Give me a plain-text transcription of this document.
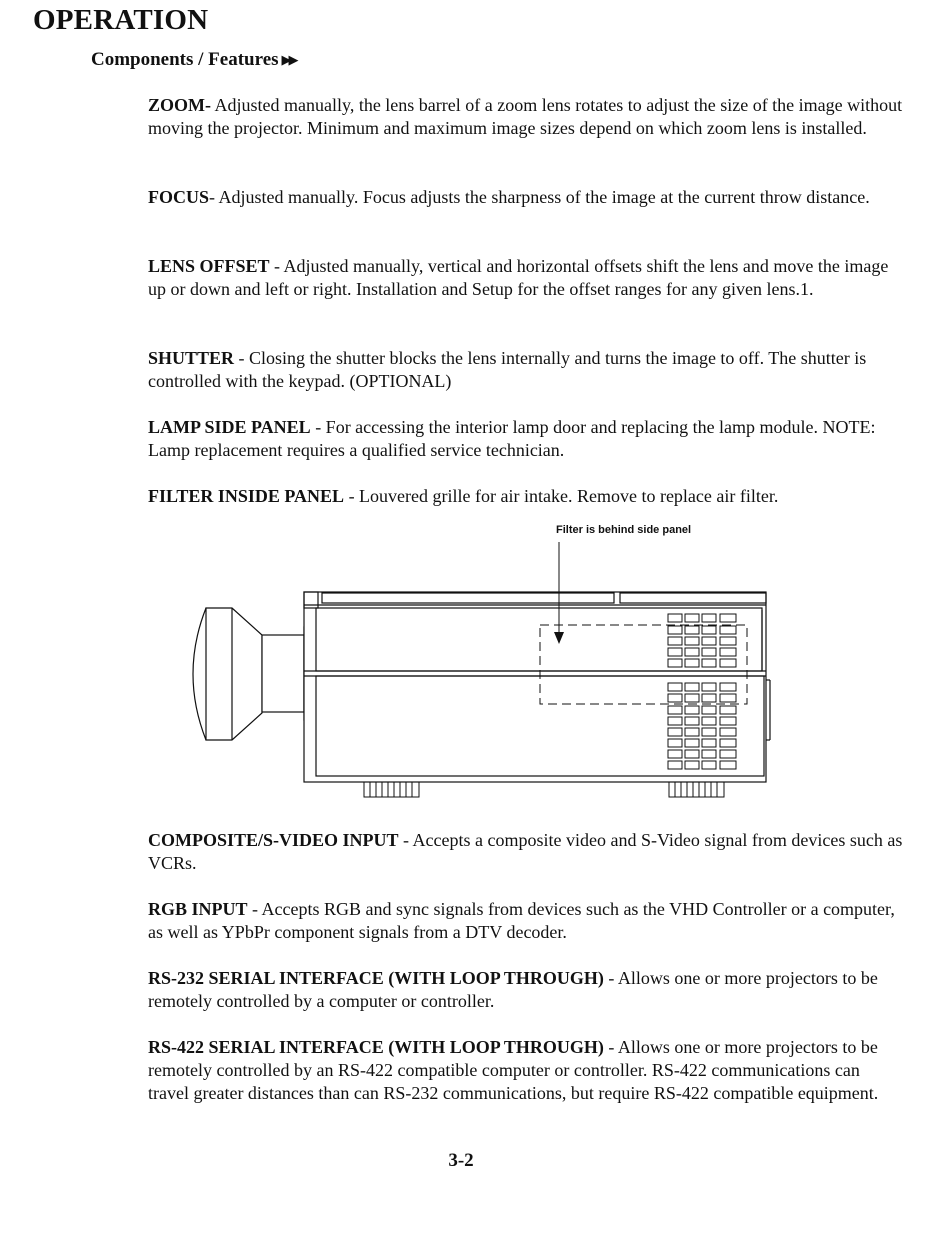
OPERATION
Components / Features ▶▶

ZOOM- Adjusted manually, the lens barrel of a zoom lens rotates to adjust the size of the image without moving the projector. Minimum and maximum image sizes depend on which zoom lens is installed.

FOCUS- Adjusted manually. Focus adjusts the sharpness of the image at the current throw distance.

LENS OFFSET - Adjusted manually, vertical and horizontal offsets shift the lens and move the image up or down and left or right. Installation and Setup for the offset ranges for any given lens.1.

SHUTTER - Closing the shutter blocks the lens internally and turns the image to off. The shutter is controlled with the keypad. (OPTIONAL)

LAMP SIDE PANEL - For accessing the interior lamp door and replacing the lamp module. NOTE: Lamp replacement requires a qualified service technician.

FILTER INSIDE PANEL - Louvered grille for air intake. Remove to replace air filter.

Filter is behind side panel

COMPOSITE/S-VIDEO INPUT - Accepts a composite video and S-Video signal from devices such as VCRs.

RGB INPUT - Accepts RGB and sync signals from devices such as the VHD Controller or a computer, as well as YPbPr component signals from a DTV decoder.

RS-232 SERIAL INTERFACE (WITH LOOP THROUGH) - Allows one or more projectors to be remotely controlled by a computer or controller.

RS-422 SERIAL INTERFACE (WITH LOOP THROUGH) - Allows one or more projectors to be remotely controlled by an RS-422 compatible computer or controller. RS-422 communications can travel greater distances than can RS-232 communications, but require RS-422 compatible equipment.

3-2
